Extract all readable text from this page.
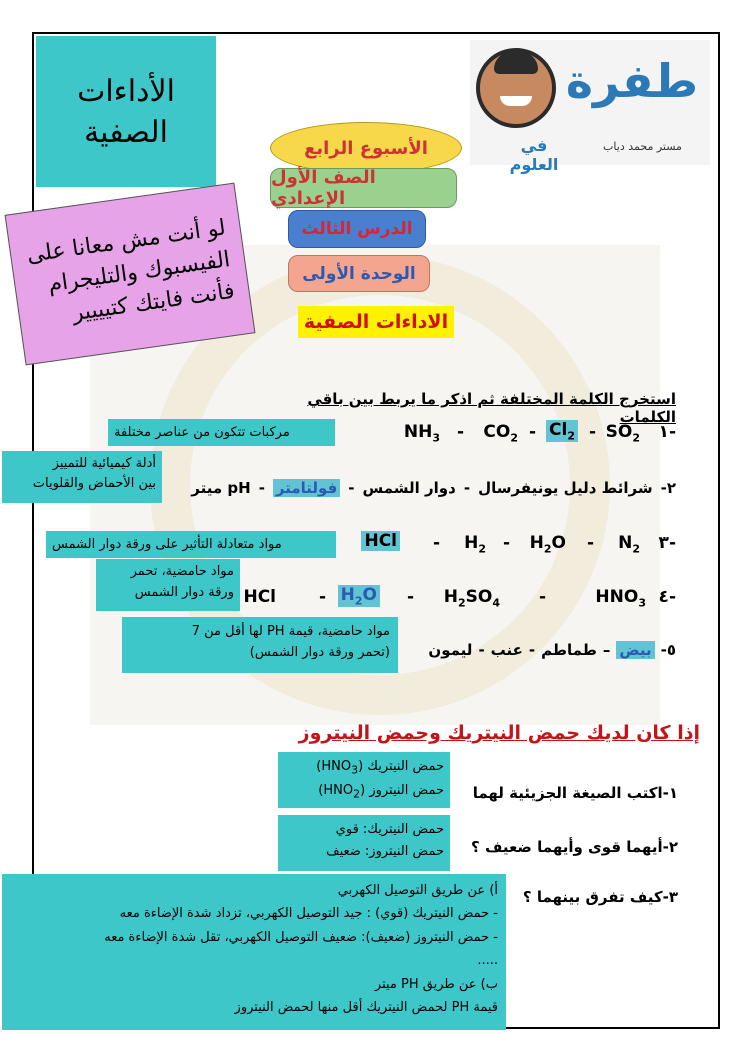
الأداءات
الصفية
طفرة
في العلوم
مستر محمد دياب
الأسبوع الرابع
الصف الأول الإعدادي
الدرس الثالث
الوحدة الأولى
الاداءات الصفية
لو أنت مش معانا على الفيسبوك والتليجرام فأنت فايتك كتيييير
استخرج الكلمة المختلفة ثم اذكر ما يربط بين باقي الكلمات
١-
$SO_2$
-
$Cl_2$
-
$CO_2$
-
$NH_3$
مركبات تتكون من عناصر مختلفة
٢-
شرائط دليل يونيفرسال
-
دوار الشمس
-
فولتامتر
-
pH ميتر
أدلة كيميائية للتمييز
بين الأحماض والقلويات
٣-
$N_2$
-
$H_2O$
-
$H_2$
-
HCl
مواد متعادلة التأثير على ورقة دوار الشمس
٤-
$HNO_3$
-
$H_2SO_4$
-
$H_2O$
-
HCl
مواد حامضية، تحمر
ورقة دوار الشمس
٥-
بيض
–
طماطم
-
عنب
-
ليمون
مواد حامضية، قيمة PH لها أقل من 7
(تحمر ورقة دوار الشمس)
إذا كان لديك حمض النيتريك وحمض النيتروز
١-اكتب الصيغة الجزيئية لهما
حمض النيتريك $(HNO_3)$
حمض النيتروز $(HNO_2)$
٢-أيهما قوى وأيهما ضعيف ؟
حمض النيتريك: قوي
حمض النيتروز: ضعيف
٣-كيف تفرق بينهما ؟
أ) عن طريق التوصيل الكهربي
- حمض النيتريك (قوي) : جيد التوصيل الكهربي، تزداد شدة الإضاءة معه
- حمض النيتروز (ضعيف): ضعيف التوصيل الكهربي، تقل شدة الإضاءة معه
.....
ب) عن طريق PH ميتر
قيمة PH لحمض النيتريك أقل منها لحمض النيتروز
